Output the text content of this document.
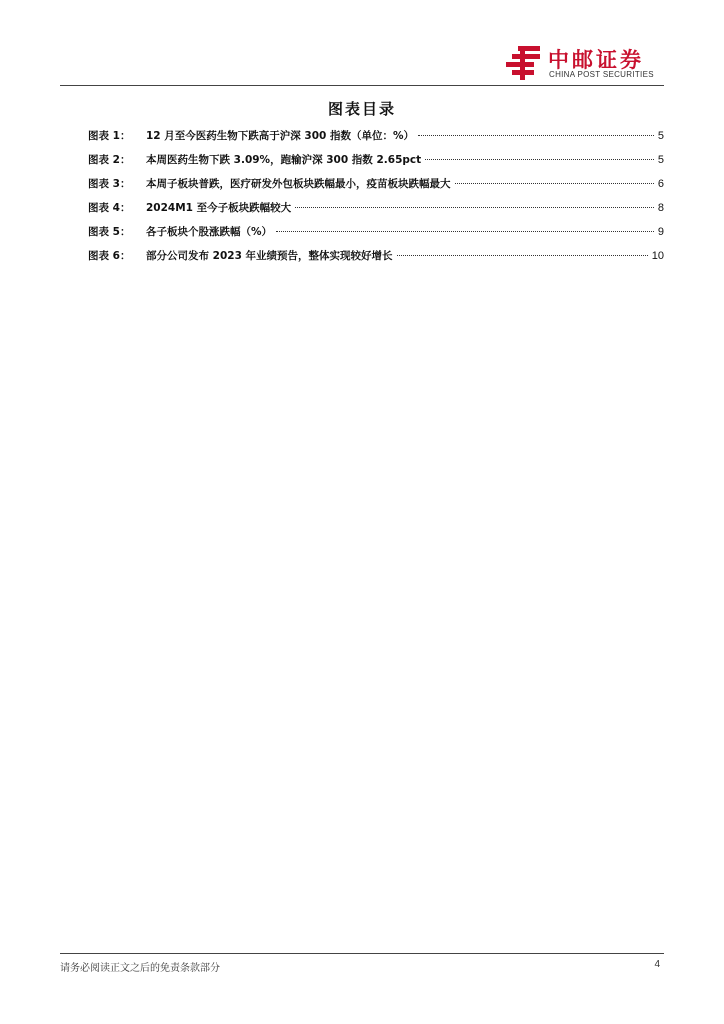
中邮证券
CHINA POST SECURITIES
图表目录
图表 1：	12 月至今医药生物下跌高于沪深 300 指数（单位：%）	5
图表 2：	本周医药生物下跌 3.09%，跑输沪深 300 指数 2.65pct	5
图表 3：	本周子板块普跌，医疗研发外包板块跌幅最小，疫苗板块跌幅最大	6
图表 4：	2024M1 至今子板块跌幅较大	8
图表 5：	各子板块个股涨跌幅（%）	9
图表 6：	部分公司发布 2023 年业绩预告，整体实现较好增长	10
请务必阅读正文之后的免责条款部分	4
